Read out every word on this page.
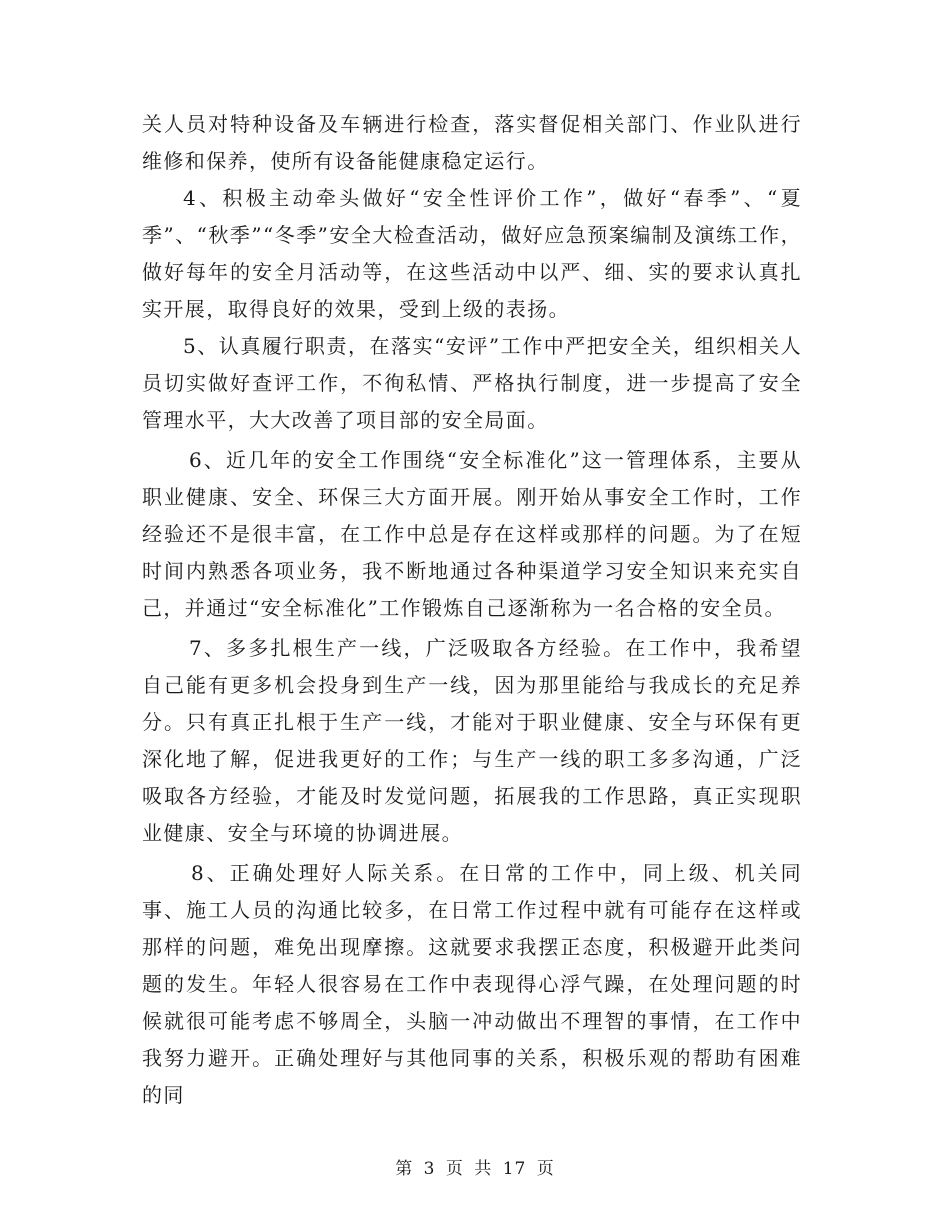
关人员对特种设备及车辆进行检查，落实督促相关部门、作业队进行维修和保养，使所有设备能健康稳定运行。

4、积极主动牵头做好“安全性评价工作”，做好“春季”、“夏季”、“秋季”“冬季”安全大检查活动，做好应急预案编制及演练工作，做好每年的安全月活动等，在这些活动中以严、细、实的要求认真扎实开展，取得良好的效果，受到上级的表扬。

5、认真履行职责，在落实“安评”工作中严把安全关，组织相关人员切实做好查评工作，不徇私情、严格执行制度，进一步提高了安全管理水平，大大改善了项目部的安全局面。

6、近几年的安全工作围绕“安全标准化”这一管理体系，主要从职业健康、安全、环保三大方面开展。刚开始从事安全工作时，工作经验还不是很丰富，在工作中总是存在这样或那样的问题。为了在短时间内熟悉各项业务，我不断地通过各种渠道学习安全知识来充实自己，并通过“安全标准化”工作锻炼自己逐渐称为一名合格的安全员。

7、多多扎根生产一线，广泛吸取各方经验。在工作中，我希望自己能有更多机会投身到生产一线，因为那里能给与我成长的充足养分。只有真正扎根于生产一线，才能对于职业健康、安全与环保有更深化地了解，促进我更好的工作；与生产一线的职工多多沟通，广泛吸取各方经验，才能及时发觉问题，拓展我的工作思路，真正实现职业健康、安全与环境的协调进展。

8、正确处理好人际关系。在日常的工作中，同上级、机关同事、施工人员的沟通比较多，在日常工作过程中就有可能存在这样或那样的问题，难免出现摩擦。这就要求我摆正态度，积极避开此类问题的发生。年轻人很容易在工作中表现得心浮气躁，在处理问题的时候就很可能考虑不够周全，头脑一冲动做出不理智的事情，在工作中我努力避开。正确处理好与其他同事的关系，积极乐观的帮助有困难的同

第 3 页 共 17 页
